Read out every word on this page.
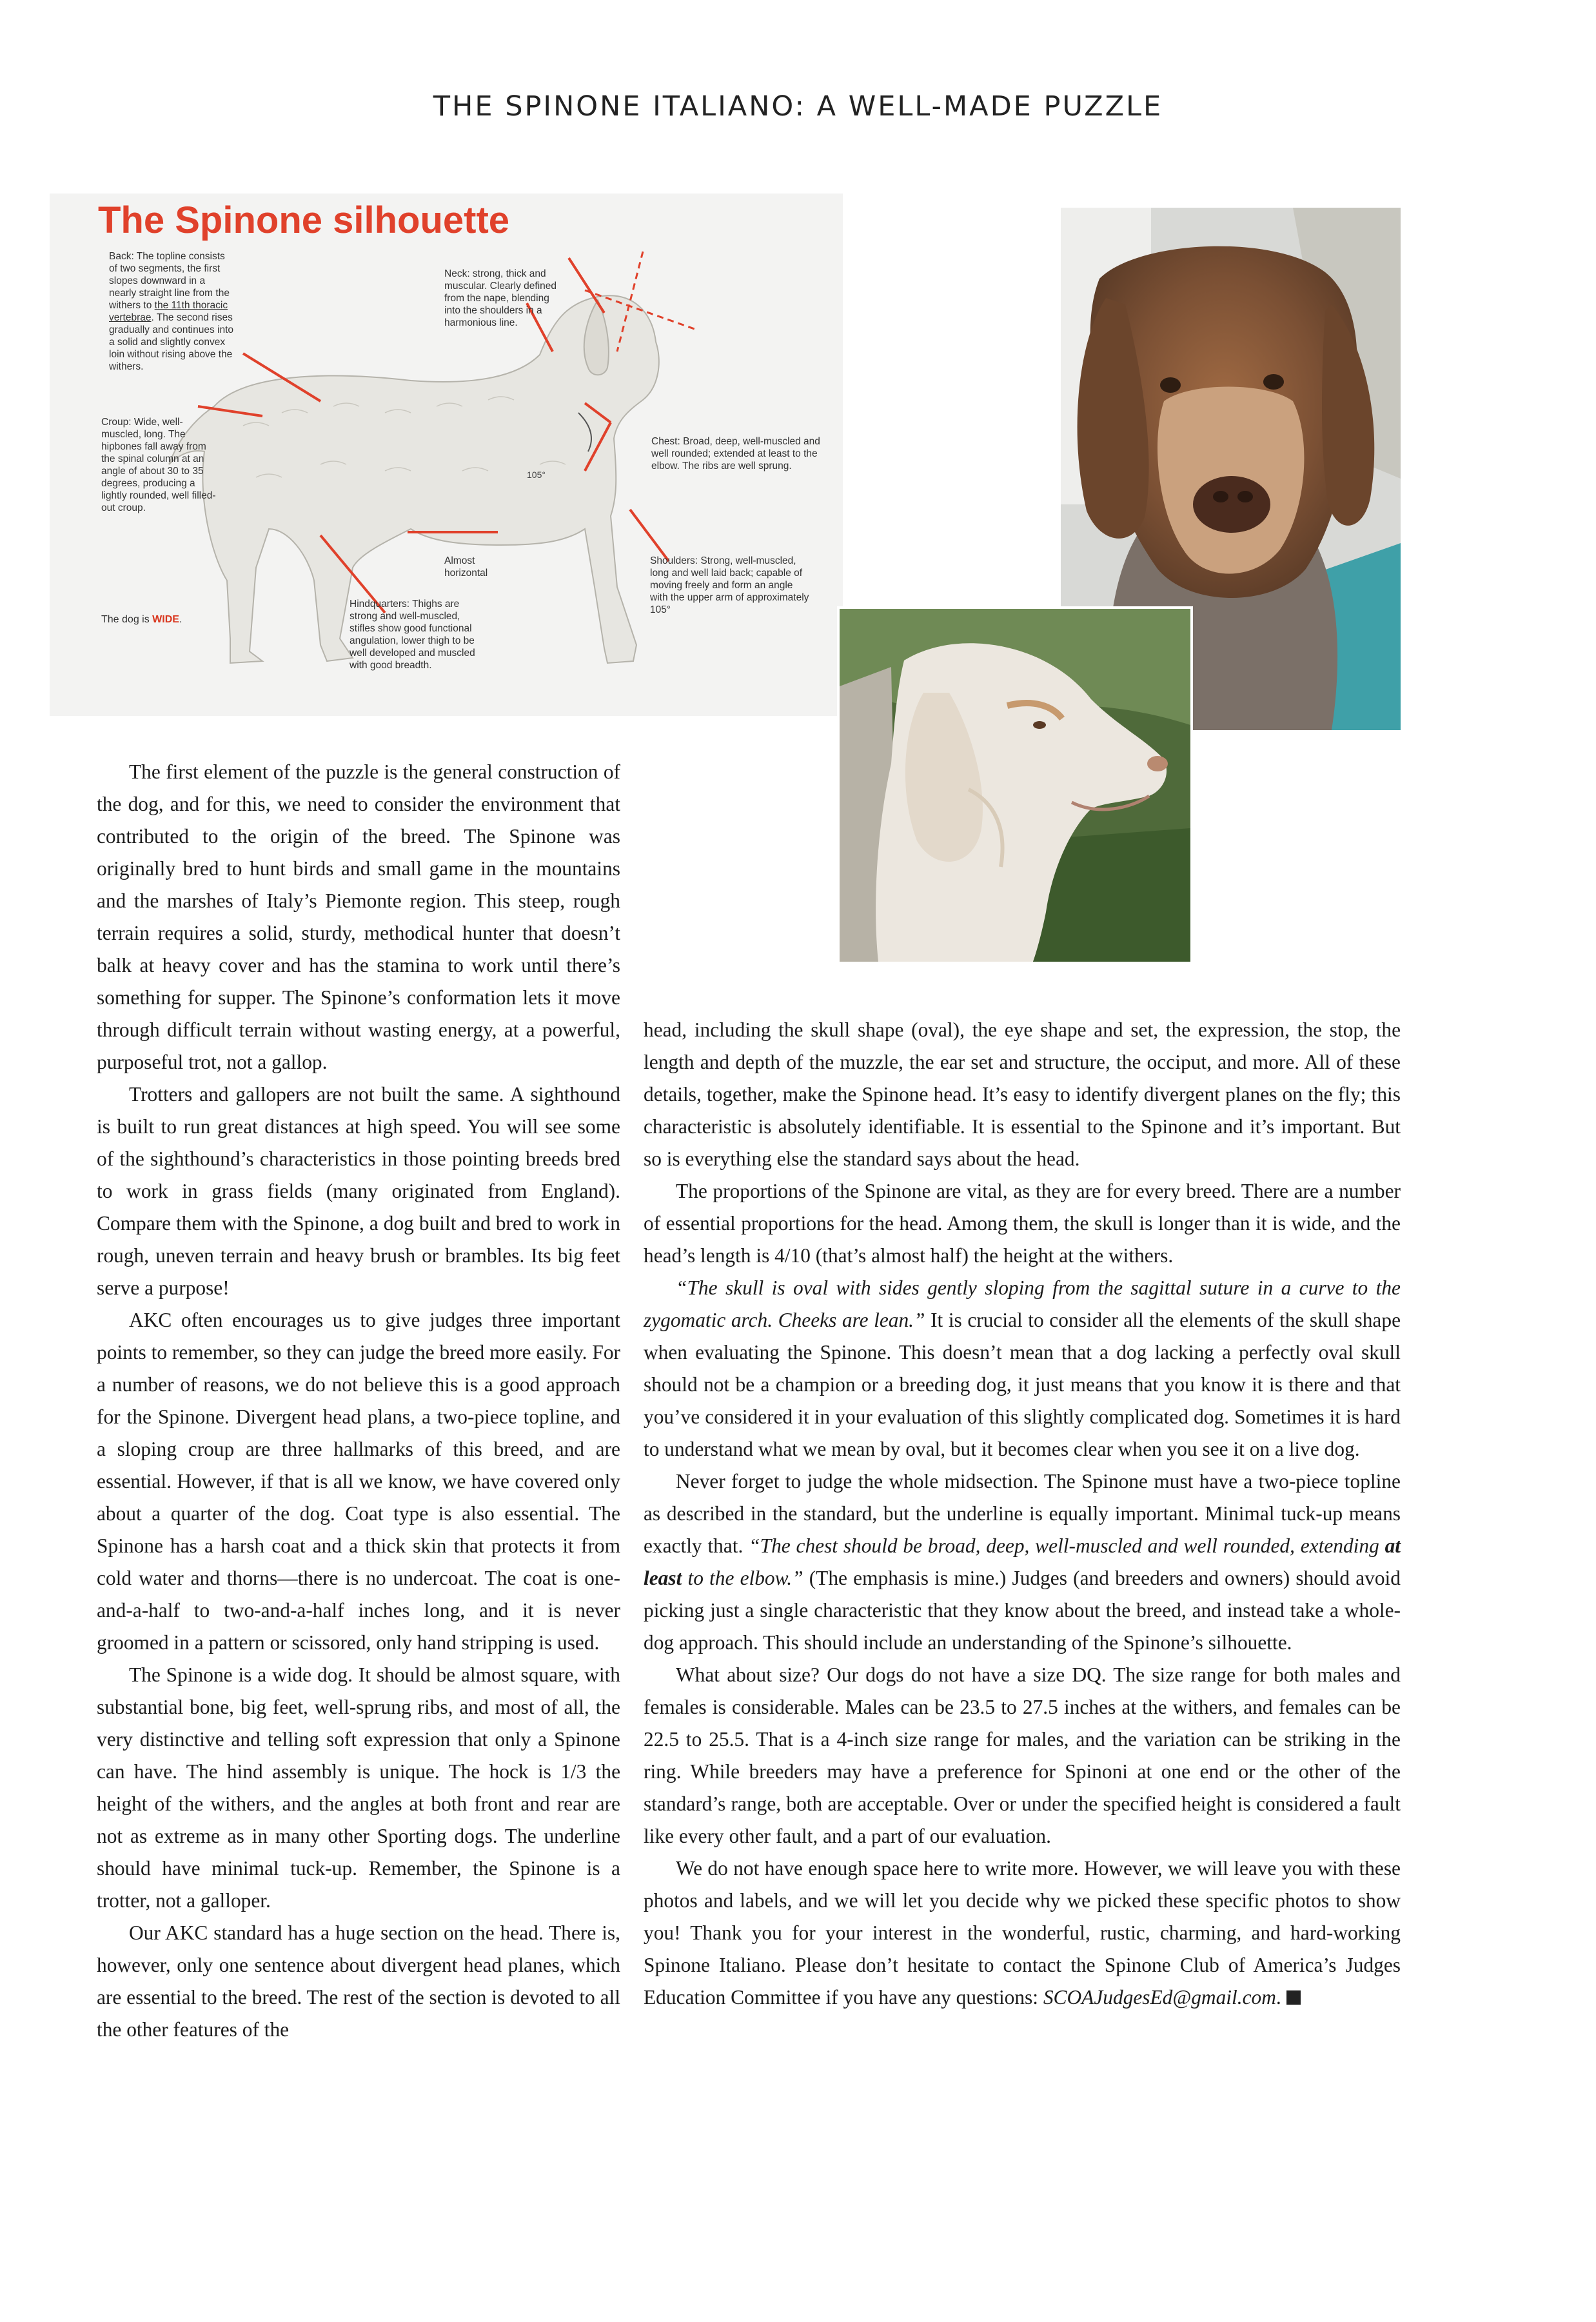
THE SPINONE ITALIANO: A WELL-MADE PUZZLE
The Spinone silhouette
Back: The topline consists of two segments, the first slopes downward in a nearly straight line from the withers to the 11th thoracic vertebrae. The second rises gradually and continues into a solid and slightly convex loin without rising above the withers.
Neck: strong, thick and muscular. Clearly defined from the nape, blending into the shoulders in a harmonious line.
Croup: Wide, well-muscled, long. The hipbones fall away from the spinal column at an angle of about 30 to 35 degrees, producing a lightly rounded, well filled-out croup.
Chest: Broad, deep, well-muscled and well rounded; extended at least to the elbow. The ribs are well sprung.
Almost horizontal
105°
Hindquarters: Thighs are strong and well-muscled, stifles show good functional angulation, lower thigh to be well developed and muscled with good breadth.
Shoulders: Strong, well-muscled, long and well laid back; capable of moving freely and form an angle with the upper arm of approximately 105°
The dog is WIDE.

The first element of the puzzle is the general construction of the dog, and for this, we need to consider the environment that contributed to the origin of the breed. The Spinone was originally bred to hunt birds and small game in the mountains and the marshes of Italy’s Piemonte region. This steep, rough terrain requires a solid, sturdy, methodical hunter that doesn’t balk at heavy cover and has the stamina to work until there’s something for supper. The Spinone’s conformation lets it move through difficult terrain without wasting energy, at a powerful, purposeful trot, not a gallop.

Trotters and gallopers are not built the same. A sighthound is built to run great distances at high speed. You will see some of the sighthound’s characteristics in those pointing breeds bred to work in grass fields (many originated from England). Compare them with the Spinone, a dog built and bred to work in rough, uneven terrain and heavy brush or brambles. Its big feet serve a purpose!

AKC often encourages us to give judges three important points to remember, so they can judge the breed more easily. For a number of reasons, we do not believe this is a good approach for the Spinone. Divergent head plans, a two-piece topline, and a sloping croup are three hallmarks of this breed, and are essential. However, if that is all we know, we have covered only about a quarter of the dog. Coat type is also essential. The Spinone has a harsh coat and a thick skin that protects it from cold water and thorns—there is no undercoat. The coat is one-and-a-half to two-and-a-half inches long, and it is never groomed in a pattern or scissored, only hand stripping is used.

The Spinone is a wide dog. It should be almost square, with substantial bone, big feet, well-sprung ribs, and most of all, the very distinctive and telling soft expression that only a Spinone can have. The hind assembly is unique. The hock is 1/3 the height of the withers, and the angles at both front and rear are not as extreme as in many other Sporting dogs. The underline should have minimal tuck-up. Remember, the Spinone is a trotter, not a galloper.

Our AKC standard has a huge section on the head. There is, however, only one sentence about divergent head planes, which are essential to the breed. The rest of the section is devoted to all the other features of the

head, including the skull shape (oval), the eye shape and set, the expression, the stop, the length and depth of the muzzle, the ear set and structure, the occiput, and more. All of these details, together, make the Spinone head. It’s easy to identify divergent planes on the fly; this characteristic is absolutely identifiable. It is essential to the Spinone and it’s important. But so is everything else the standard says about the head.

The proportions of the Spinone are vital, as they are for every breed. There are a number of essential proportions for the head. Among them, the skull is longer than it is wide, and the head’s length is 4/10 (that’s almost half) the height at the withers.

“The skull is oval with sides gently sloping from the sagittal suture in a curve to the zygomatic arch. Cheeks are lean.” It is crucial to consider all the elements of the skull shape when evaluating the Spinone. This doesn’t mean that a dog lacking a perfectly oval skull should not be a champion or a breeding dog, it just means that you know it is there and that you’ve considered it in your evaluation of this slightly complicated dog. Sometimes it is hard to understand what we mean by oval, but it becomes clear when you see it on a live dog.

Never forget to judge the whole midsection. The Spinone must have a two-piece topline as described in the standard, but the underline is equally important. Minimal tuck-up means exactly that. “The chest should be broad, deep, well-muscled and well rounded, extending at least to the elbow.” (The emphasis is mine.) Judges (and breeders and owners) should avoid picking just a single characteristic that they know about the breed, and instead take a whole-dog approach. This should include an understanding of the Spinone’s silhouette.

What about size? Our dogs do not have a size DQ. The size range for both males and females is considerable. Males can be 23.5 to 27.5 inches at the withers, and females can be 22.5 to 25.5. That is a 4-inch size range for males, and the variation can be striking in the ring. While breeders may have a preference for Spinoni at one end or the other of the standard’s range, both are acceptable. Over or under the specified height is considered a fault like every other fault, and a part of our evaluation.

We do not have enough space here to write more. However, we will leave you with these photos and labels, and we will let you decide why we picked these specific photos to show you! Thank you for your interest in the wonderful, rustic, charming, and hard-working Spinone Italiano. Please don’t hesitate to contact the Spinone Club of America’s Judges Education Committee if you have any questions: SCOAJudgesEd@gmail.com.
